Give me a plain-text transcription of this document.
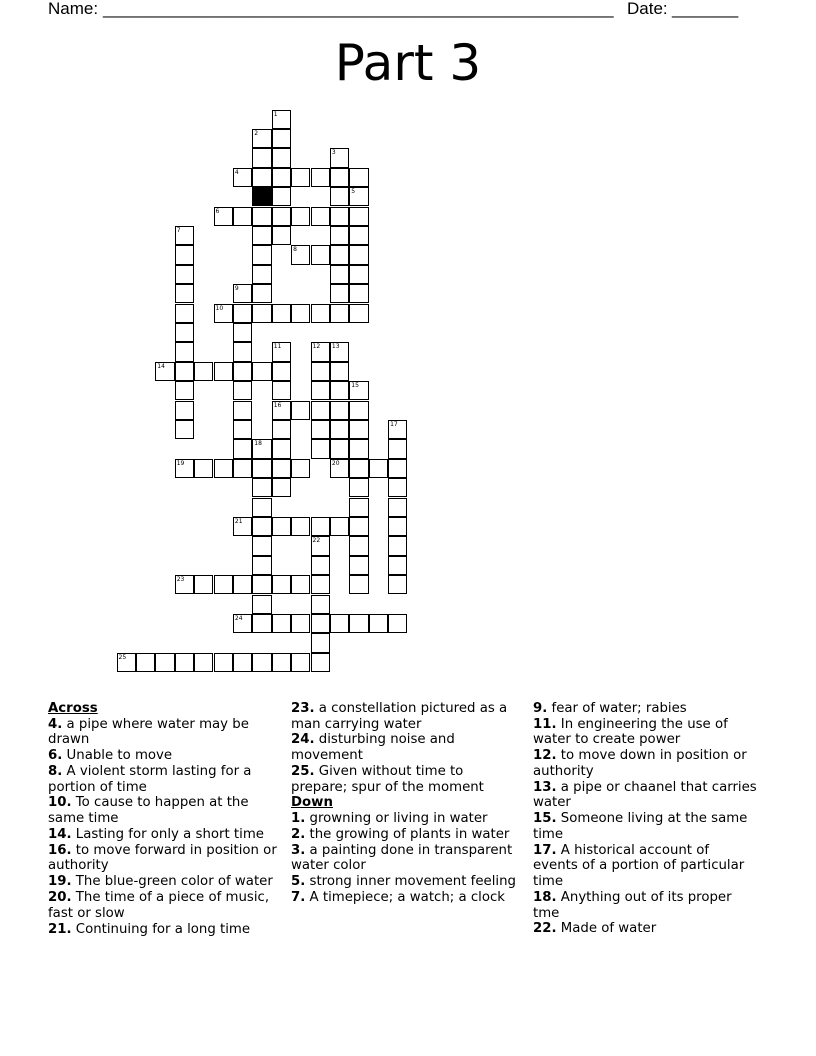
Name: ______________________________________________________ Date: _______
Part 3
1
2
3
4
5
6
7
8
9
10
11	12 13
14
15
16
17
18
19	20
21
22
23
24
25
Across
4. a pipe where water may be drawn
6. Unable to move
8. A violent storm lasting for a portion of time
10. To cause to happen at the same time
14. Lasting for only a short time
16. to move forward in position or authority
19. The blue-green color of water
20. The time of a piece of music, fast or slow
21. Continuing for a long time
23. a constellation pictured as a man carrying water
24. disturbing noise and movement
25. Given without time to prepare; spur of the moment
Down
1. growning or living in water
2. the growing of plants in water
3. a painting done in transparent water color
5. strong inner movement feeling
7. A timepiece; a watch; a clock
9. fear of water; rabies
11. In engineering the use of water to create power
12. to move down in position or authority
13. a pipe or chaanel that carries water
15. Someone living at the same time
17. A historical account of events of a portion of particular time
18. Anything out of its proper tme
22. Made of water
